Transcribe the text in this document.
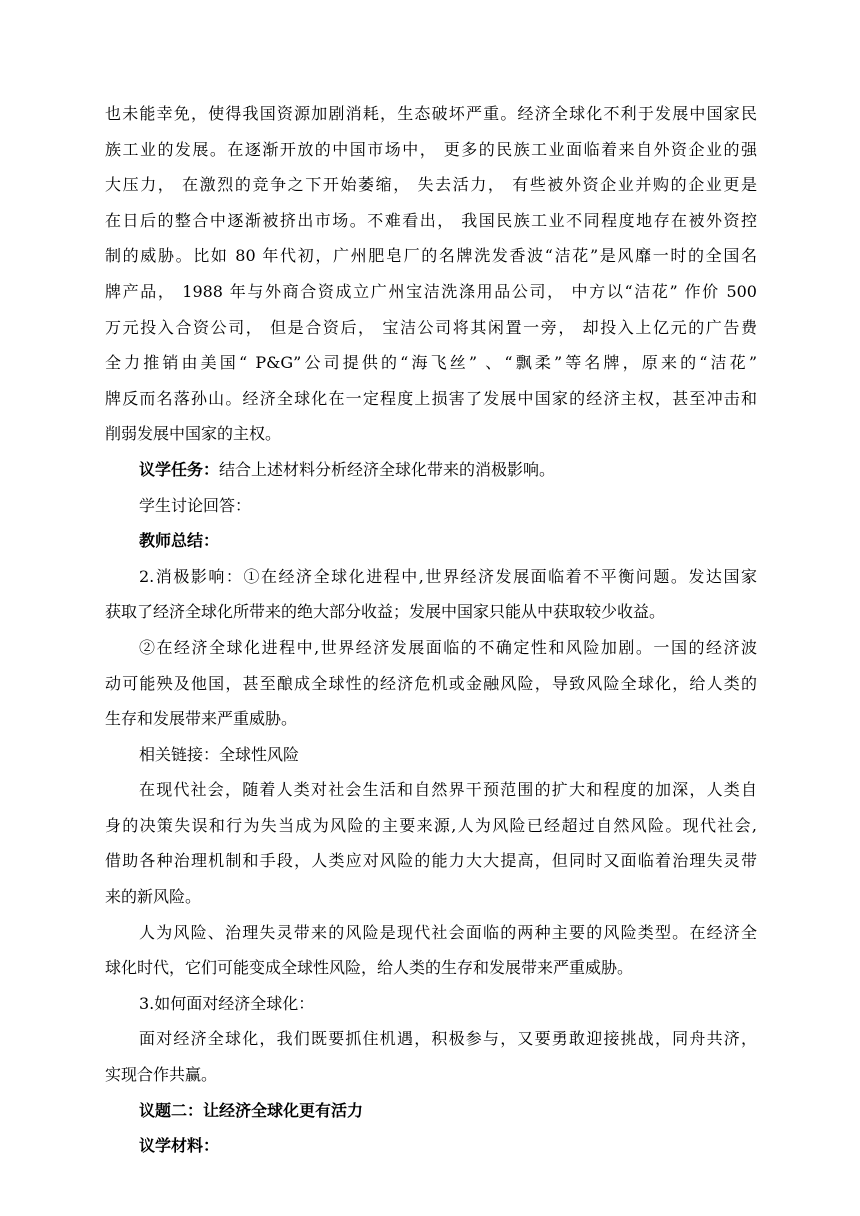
也未能幸免，使得我国资源加剧消耗，生态破坏严重。经济全球化不利于发展中国家民
族工业的发展。在逐渐开放的中国市场中， 更多的民族工业面临着来自外资企业的强
大压力， 在激烈的竞争之下开始萎缩， 失去活力， 有些被外资企业并购的企业更是
在日后的整合中逐渐被挤出市场。不难看出， 我国民族工业不同程度地存在被外资控
制的威胁。比如 80 年代初，广州肥皂厂的名牌洗发香波“洁花”是风靡一时的全国名
牌产品， 1988 年与外商合资成立广州宝洁洗涤用品公司， 中方以“洁花” 作价 500
万元投入合资公司， 但是合资后， 宝洁公司将其闲置一旁， 却投入上亿元的广告费
全力推销由美国“ P&G”公司提供的“海飞丝” 、“飘柔”等名牌，原来的“洁花”
牌反而名落孙山。经济全球化在一定程度上损害了发展中国家的经济主权，甚至冲击和
削弱发展中国家的主权。
议学任务：结合上述材料分析经济全球化带来的消极影响。
学生讨论回答：
教师总结：
2.消极影响：①在经济全球化进程中,世界经济发展面临着不平衡问题。发达国家
获取了经济全球化所带来的绝大部分收益；发展中国家只能从中获取较少收益。
②在经济全球化进程中,世界经济发展面临的不确定性和风险加剧。一国的经济波
动可能殃及他国，甚至酿成全球性的经济危机或金融风险，导致风险全球化，给人类的
生存和发展带来严重威胁。
相关链接：全球性风险
在现代社会，随着人类对社会生活和自然界干预范围的扩大和程度的加深，人类自
身的决策失误和行为失当成为风险的主要来源,人为风险已经超过自然风险。现代社会,
借助各种治理机制和手段，人类应对风险的能力大大提高，但同时又面临着治理失灵带
来的新风险。
人为风险、治理失灵带来的风险是现代社会面临的两种主要的风险类型。在经济全
球化时代，它们可能变成全球性风险，给人类的生存和发展带来严重威胁。
3.如何面对经济全球化：
面对经济全球化，我们既要抓住机遇，积极参与，又要勇敢迎接挑战，同舟共济，
实现合作共赢。
议题二：让经济全球化更有活力
议学材料：
